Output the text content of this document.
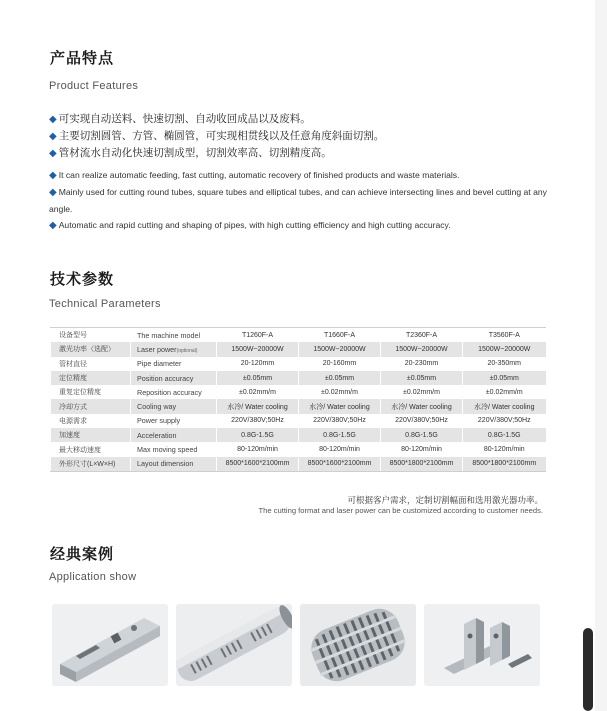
产品特点
Product Features
◆ 可实现自动送料、快速切割、自动收回成品以及废料。
◆ 主要切割圆管、方管、椭圆管，可实现相贯线以及任意角度斜面切割。
◆ 管材流水自动化快速切割成型，切割效率高、切割精度高。
◆ It can realize automatic feeding, fast cutting, automatic recovery of finished products and waste materials.
◆ Mainly used for cutting round tubes, square tubes and elliptical tubes, and can achieve intersecting lines and bevel cutting at any angle.
◆ Automatic and rapid cutting and shaping of pipes, with high cutting efficiency and high cutting accuracy.
技术参数
Technical Parameters
设备型号	The machine model	T1260F-A	T1660F-A	T2360F-A	T3560F-A
激光功率（选配）	Laser power(optional)	1500W~20000W	1500W~20000W	1500W~20000W	1500W~20000W
管材直径	Pipe diameter	20-120mm	20-160mm	20-230mm	20-350mm
定位精度	Position accuracy	±0.05mm	±0.05mm	±0.05mm	±0.05mm
重复定位精度	Reposition accuracy	±0.02mm/m	±0.02mm/m	±0.02mm/m	±0.02mm/m
冷却方式	Cooling way	水冷/ Water cooling	水冷/ Water cooling	水冷/ Water cooling	水冷/ Water cooling
电源需求	Power supply	220V/380V;50Hz	220V/380V;50Hz	220V/380V;50Hz	220V/380V;50Hz
加速度	Acceleration	0.8G-1.5G	0.8G-1.5G	0.8G-1.5G	0.8G-1.5G
最大移动速度	Max moving speed	80-120m/min	80-120m/min	80-120m/min	80-120m/min
外形尺寸(L×W×H)	Layout dimension	8500*1600*2100mm	8500*1600*2100mm	8500*1800*2100mm	8500*1800*2100mm
可根据客户需求，定制切割幅面和选用激光器功率。
The cutting format and laser power can be customized according to customer needs.
经典案例
Application show
